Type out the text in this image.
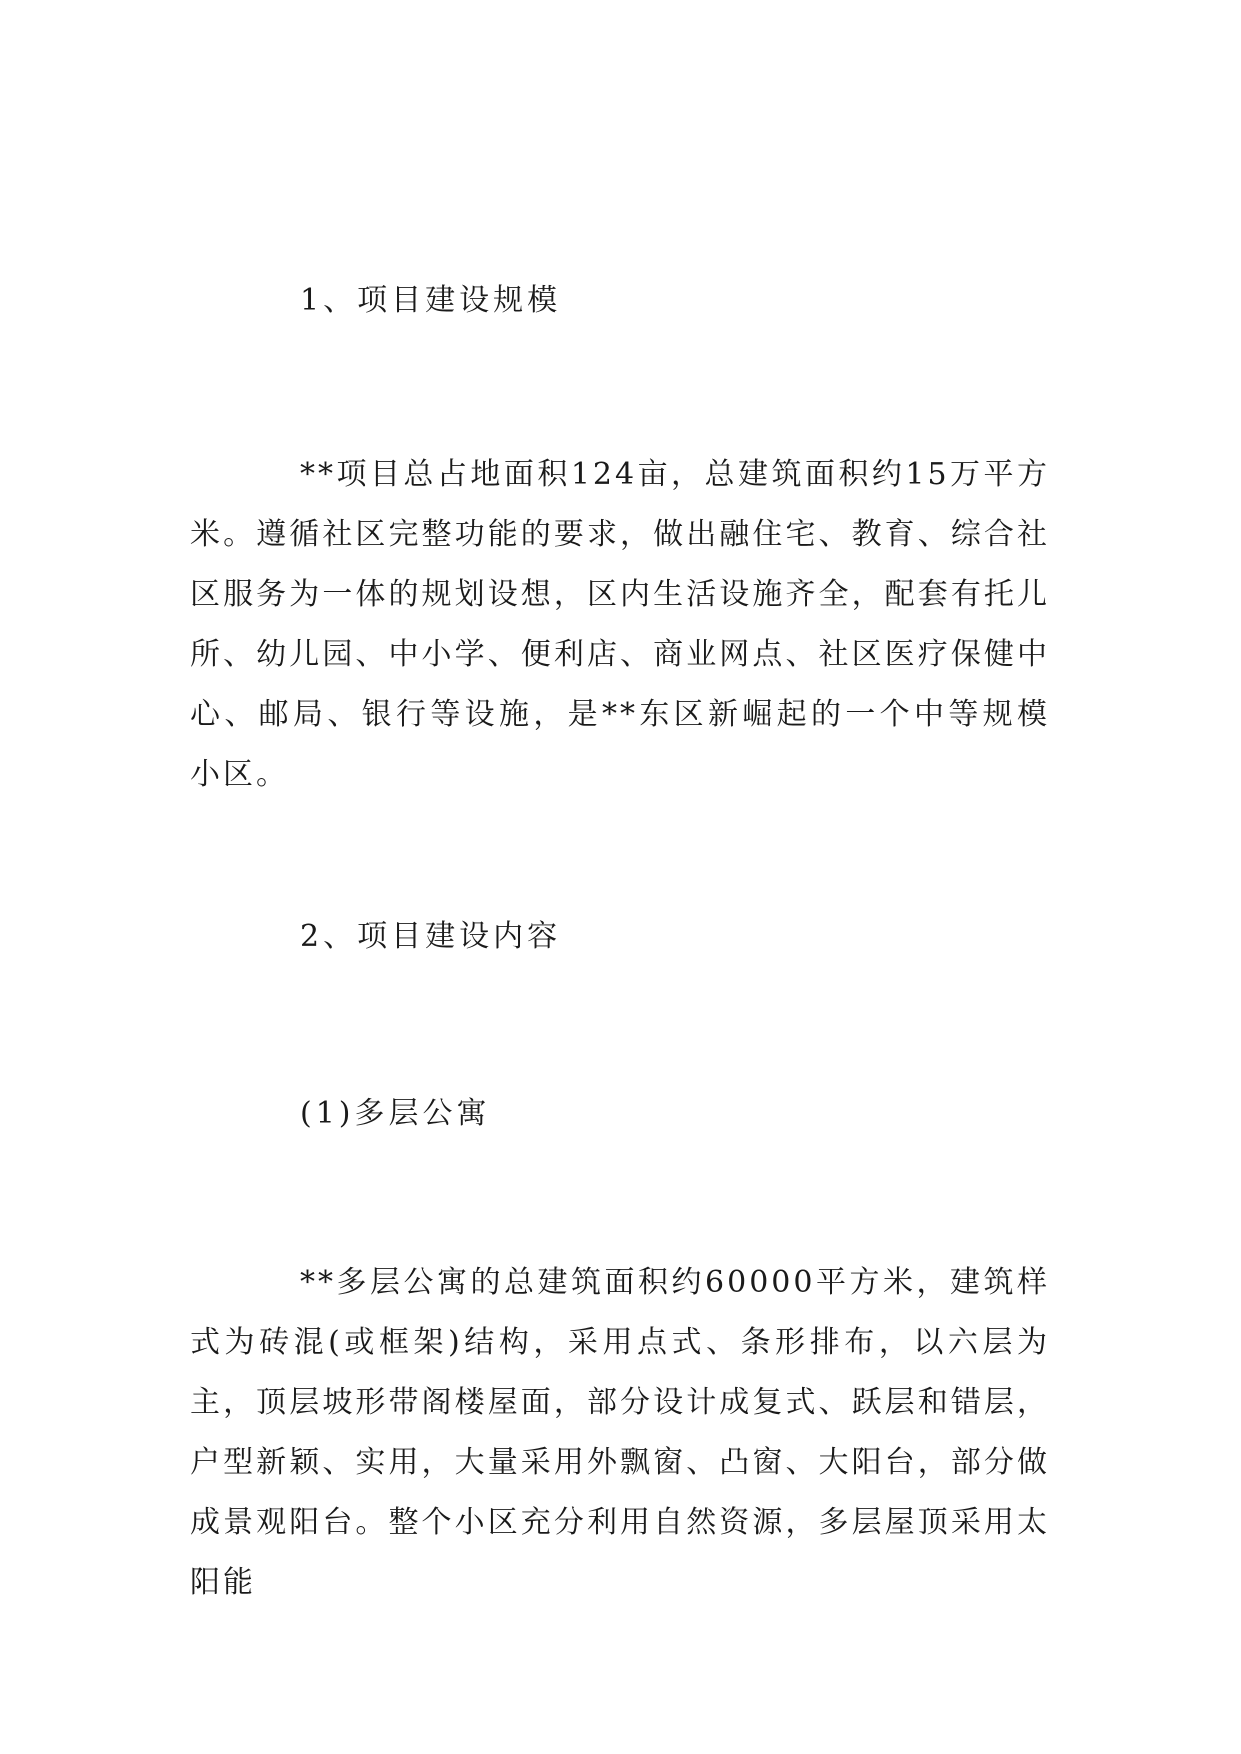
1、项目建设规模

**项目总占地面积124亩，总建筑面积约15万平方米。遵循社区完整功能的要求，做出融住宅、教育、综合社区服务为一体的规划设想，区内生活设施齐全，配套有托儿所、幼儿园、中小学、便利店、商业网点、社区医疗保健中心、邮局、银行等设施，是**东区新崛起的一个中等规模小区。

2、项目建设内容
(1)多层公寓

**多层公寓的总建筑面积约60000平方米，建筑样式为砖混(或框架)结构，采用点式、条形排布，以六层为主，顶层坡形带阁楼屋面，部分设计成复式、跃层和错层，户型新颖、实用，大量采用外飘窗、凸窗、大阳台，部分做成景观阳台。整个小区充分利用自然资源，多层屋顶采用太阳能
